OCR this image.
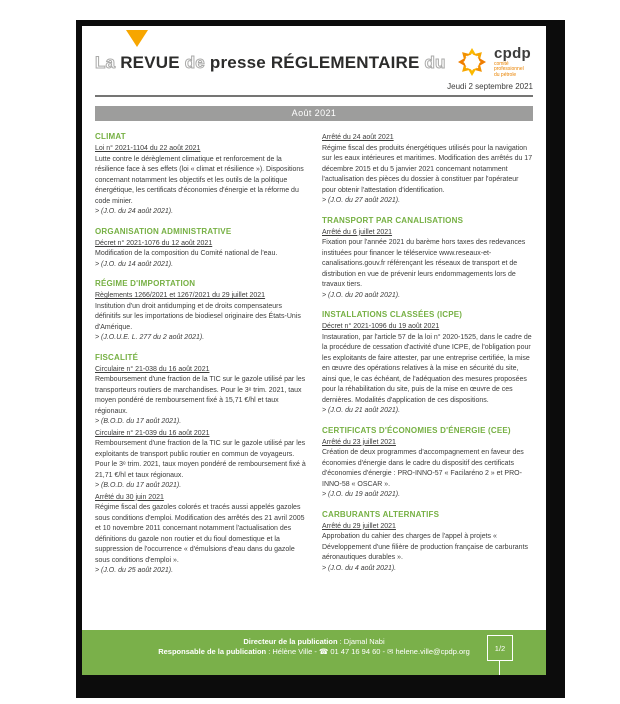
La REVUE de presse RÉGLEMENTAIRE du	cpdp
comité professionnel du pétrole
Jeudi 2 septembre 2021
Août 2021
CLIMAT
Loi n° 2021-1104 du 22 août 2021
Lutte contre le dérèglement climatique et renforcement de la résilience face à ses effets (loi « climat et résilience »). Dispositions concernant notamment les objectifs et les outils de la politique énergétique, les certificats d'économies d'énergie et la réforme du code minier.
> (J.O. du 24 août 2021).
ORGANISATION ADMINISTRATIVE
Décret n° 2021-1076 du 12 août 2021
Modification de la composition du Comité national de l'eau.
> (J.O. du 14 août 2021).
RÉGIME D'IMPORTATION
Règlements 1266/2021 et 1267/2021 du 29 juillet 2021
Institution d'un droit antidumping et de droits compensateurs définitifs sur les importations de biodiesel originaire des États-Unis d'Amérique.
> (J.O.U.E. L. 277 du 2 août 2021).
FISCALITÉ
Circulaire n° 21-038 du 16 août 2021
Remboursement d'une fraction de la TIC sur le gazole utilisé par les transporteurs routiers de marchandises. Pour le 3ᵉ trim. 2021, taux moyen pondéré de remboursement fixé à 15,71 €/hl et taux régionaux.
> (B.O.D. du 17 août 2021).
Circulaire n° 21-039 du 16 août 2021
Remboursement d'une fraction de la TIC sur le gazole utilisé par les exploitants de transport public routier en commun de voyageurs. Pour le 3ᵉ trim. 2021, taux moyen pondéré de remboursement fixé à 21,71 €/hl et taux régionaux.
> (B.O.D. du 17 août 2021).
Arrêté du 30 juin 2021
Régime fiscal des gazoles colorés et tracés aussi appelés gazoles sous conditions d'emploi. Modification des arrêtés des 21 avril 2005 et 10 novembre 2011 concernant notamment l'actualisation des définitions du gazole non routier et du fioul domestique et la suppression de l'occurrence « d'émulsions d'eau dans du gazole sous conditions d'emploi ».
> (J.O. du 25 août 2021).
Arrêté du 24 août 2021
Régime fiscal des produits énergétiques utilisés pour la navigation sur les eaux intérieures et maritimes. Modification des arrêtés du 17 décembre 2015 et du 5 janvier 2021 concernant notamment l'actualisation des pièces du dossier à constituer par l'opérateur pour obtenir l'attestation d'identification.
> (J.O. du 27 août 2021).
TRANSPORT PAR CANALISATIONS
Arrêté du 6 juillet 2021
Fixation pour l'année 2021 du barème hors taxes des redevances instituées pour financer le téléservice www.reseaux-et-canalisations.gouv.fr référençant les réseaux de transport et de distribution en vue de prévenir leurs endommagements lors de travaux tiers.
> (J.O. du 20 août 2021).
INSTALLATIONS CLASSÉES (ICPE)
Décret n° 2021-1096 du 19 août 2021
Instauration, par l'article 57 de la loi n° 2020-1525, dans le cadre de la procédure de cessation d'activité d'une ICPE, de l'obligation pour les exploitants de faire attester, par une entreprise certifiée, la mise en œuvre des opérations relatives à la mise en sécurité du site, ainsi que, le cas échéant, de l'adéquation des mesures proposées pour la réhabilitation du site, puis de la mise en œuvre de ces dernières. Modalités d'application de ces dispositions.
> (J.O. du 21 août 2021).
CERTIFICATS D'ÉCONOMIES D'ÉNERGIE (CEE)
Arrêté du 23 juillet 2021
Création de deux programmes d'accompagnement en faveur des économies d'énergie dans le cadre du dispositif des certificats d'économies d'énergie : PRO-INNO-57 « Facilaréno 2 » et PRO-INNO-58 « OSCAR ».
> (J.O. du 19 août 2021).
CARBURANTS ALTERNATIFS
Arrêté du 29 juillet 2021
Approbation du cahier des charges de l'appel à projets « Développement d'une filière de production française de carburants aéronautiques durables ».
> (J.O. du 4 août 2021).
Directeur de la publication : Djamal Nabi
Responsable de la publication : Hélène Ville - ☎ 01 47 16 94 60 - ✉ helene.ville@cpdp.org	1/2
